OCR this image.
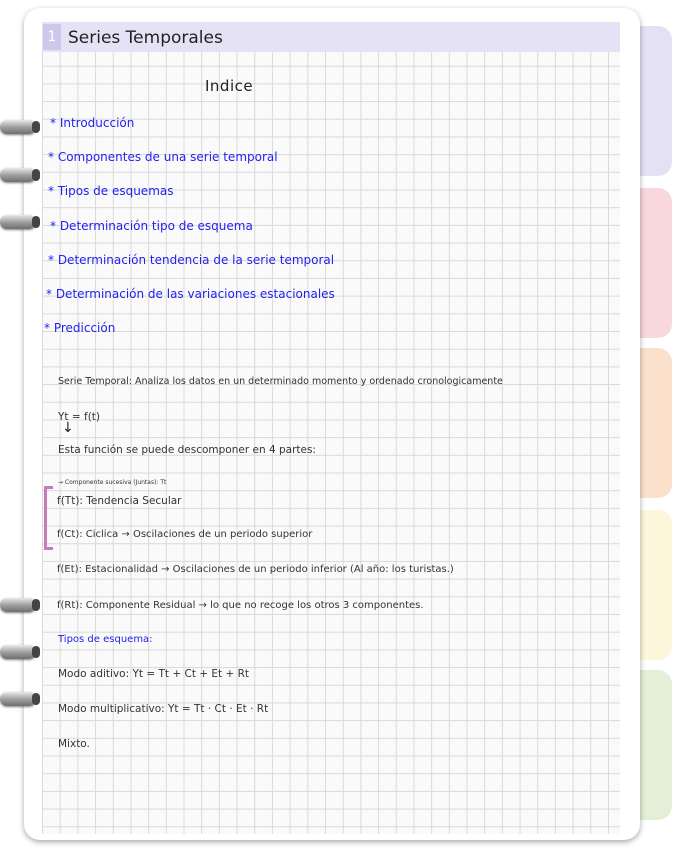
1 Series Temporales
Indice
* Introducción
* Componentes de una serie temporal
* Tipos de esquemas
* Determinación tipo de esquema
* Determinación tendencia de la serie temporal
* Determinación de las variaciones estacionales
* Predicción
Serie Temporal: Analiza los datos en un determinado momento y ordenado cronologicamente
Yt = f(t)
↓
Esta función se puede descomponer en 4 partes:
→ Componente sucesiva (Juntas): Tt
f(Tt): Tendencia Secular
f(Ct): Ciclica → Oscilaciones de un periodo superior
f(Et): Estacionalidad → Oscilaciones de un periodo inferior (Al año: los turistas.)
f(Rt): Componente Residual → lo que no recoge los otros 3 componentes.
Tipos de esquema:
Modo aditivo: Yt = Tt + Ct + Et + Rt
Modo multiplicativo: Yt = Tt · Ct · Et · Rt
Mixto.
